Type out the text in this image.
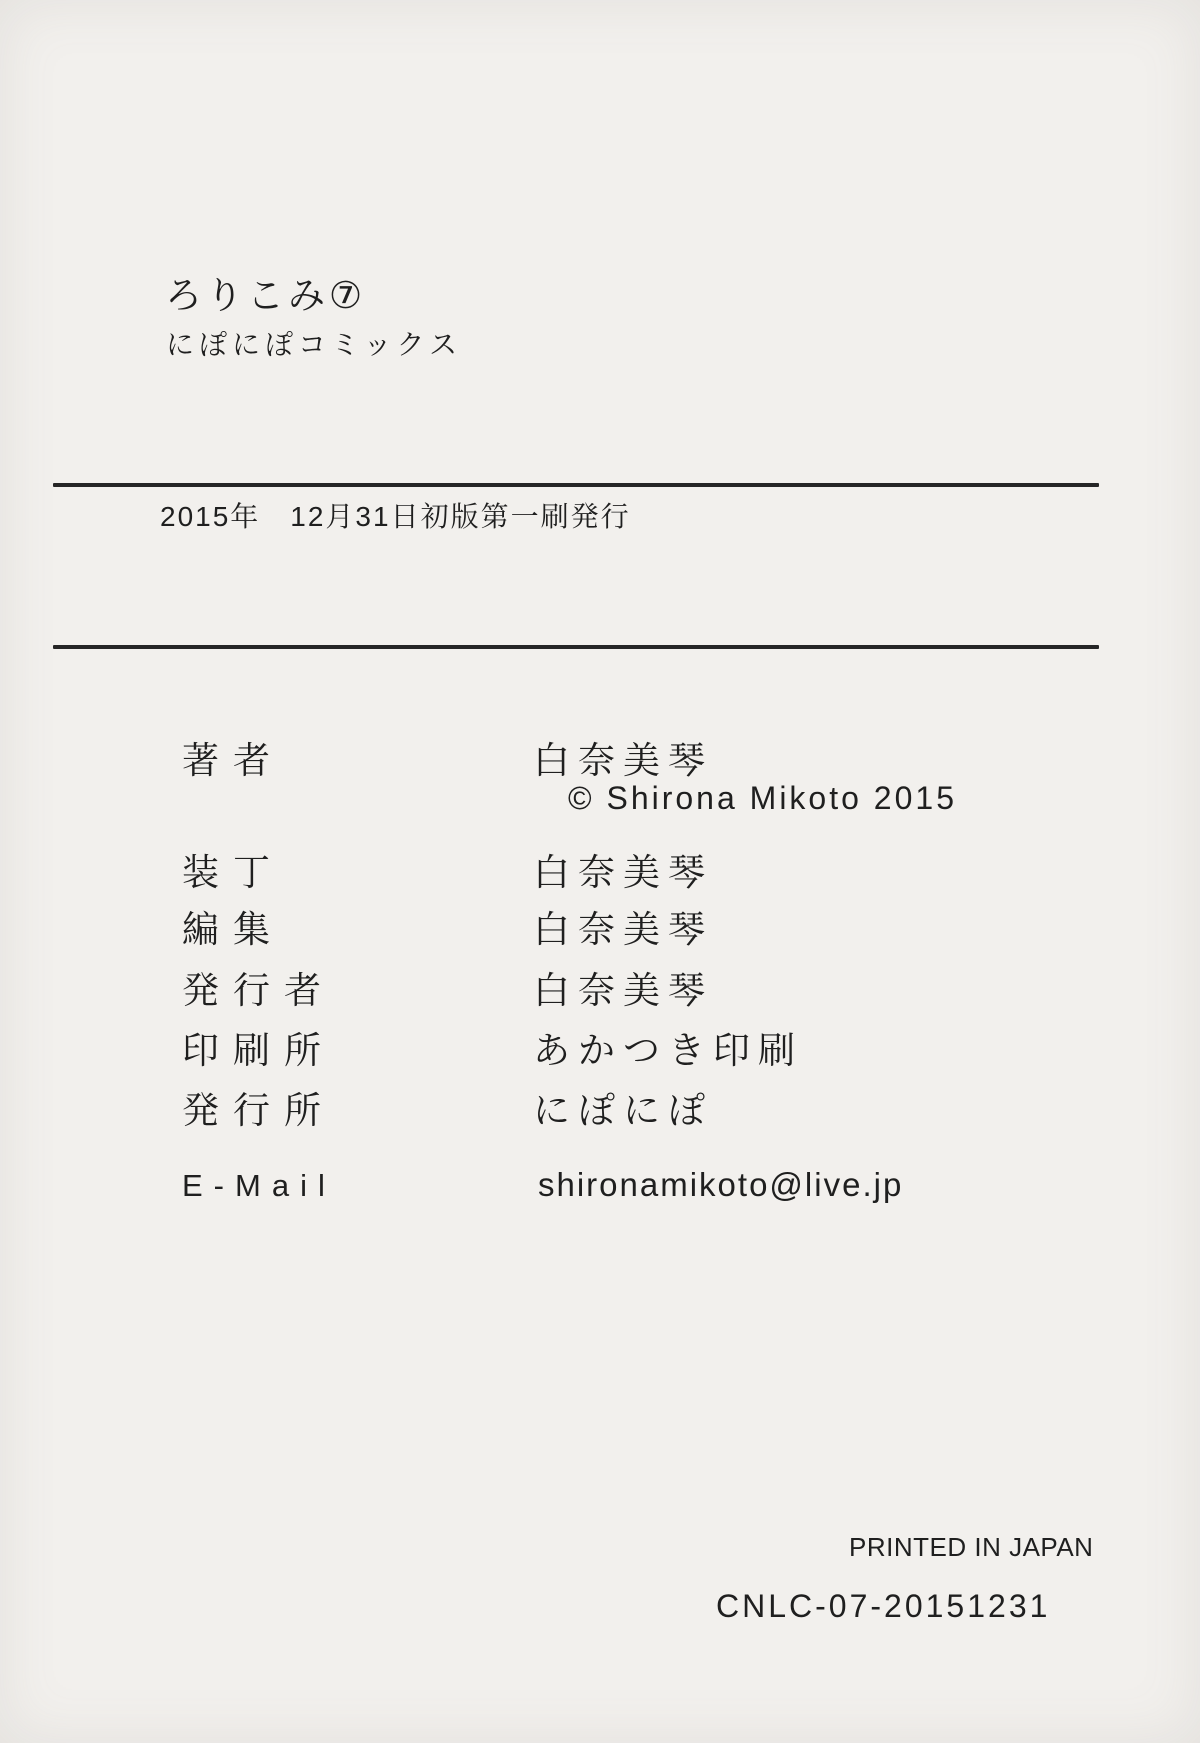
ろりこみ⑦
にぽにぽコミックス
2015年　12月31日初版第一刷発行
著者	白奈美琴
© Shirona Mikoto 2015
装丁	白奈美琴
編集	白奈美琴
発行者	白奈美琴
印刷所	あかつき印刷
発行所	にぽにぽ
E-Mail	shironamikoto@live.jp
PRINTED IN JAPAN
CNLC-07-20151231
